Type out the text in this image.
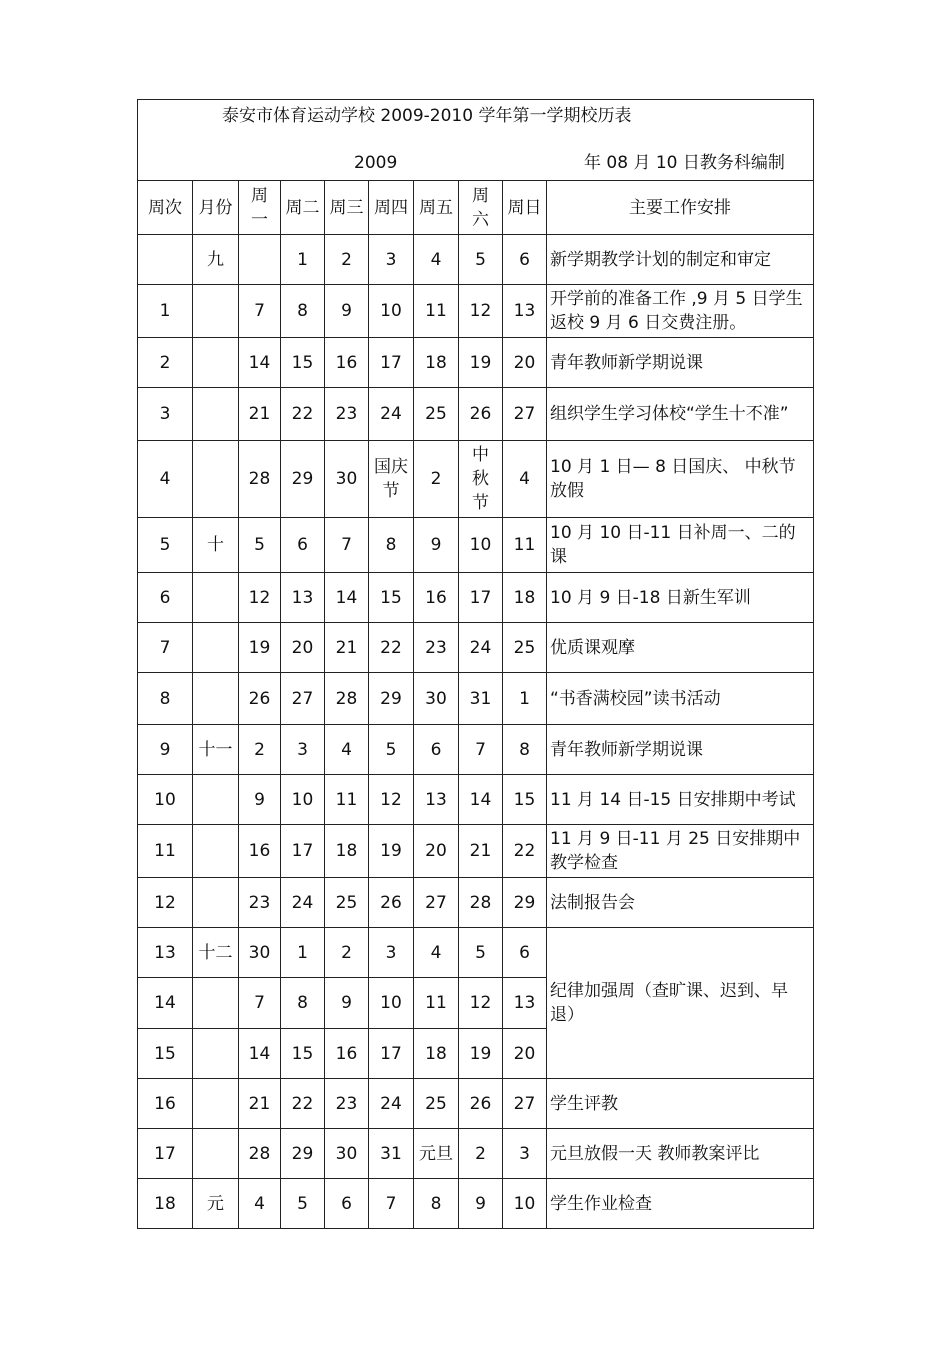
泰安市体育运动学校 2009-2010 学年第一学期校历表
2009 年 08 月 10 日教务科编制									

周次	月份	周一	周二	周三	周四	周五	周六	周日	主要工作安排
	九		1	2	3	4	5	6	新学期教学计划的制定和审定
1		7	8	9	10	11	12	13	开学前的准备工作 ,9 月 5 日学生返校 9 月 6 日交费注册。
2		14	15	16	17	18	19	20	青年教师新学期说课
3		21	22	23	24	25	26	27	组织学生学习体校“学生十不准”
4		28	29	30	国庆节	2	中秋节	4	10 月 1 日— 8 日国庆、 中秋节放假
5	十	5	6	7	8	9	10	11	10 月 10 日-11 日补周一、二的课
6		12	13	14	15	16	17	18	10 月 9 日-18 日新生军训
7		19	20	21	22	23	24	25	优质课观摩
8		26	27	28	29	30	31	1	“书香满校园”读书活动
9	十一	2	3	4	5	6	7	8	青年教师新学期说课
10		9	10	11	12	13	14	15	11 月 14 日-15 日安排期中考试
11		16	17	18	19	20	21	22	11 月 9 日-11 月 25 日安排期中教学检查
12		23	24	25	26	27	28	29	法制报告会
13	十二	30	1	2	3	4	5	6	纪律加强周（查旷课、迟到、早退）
14		7	8	9	10	11	12	13	
15		14	15	16	17	18	19	20	
16		21	22	23	24	25	26	27	学生评教
17		28	29	30	31	元旦	2	3	元旦放假一天 教师教案评比
18	元	4	5	6	7	8	9	10	学生作业检查
